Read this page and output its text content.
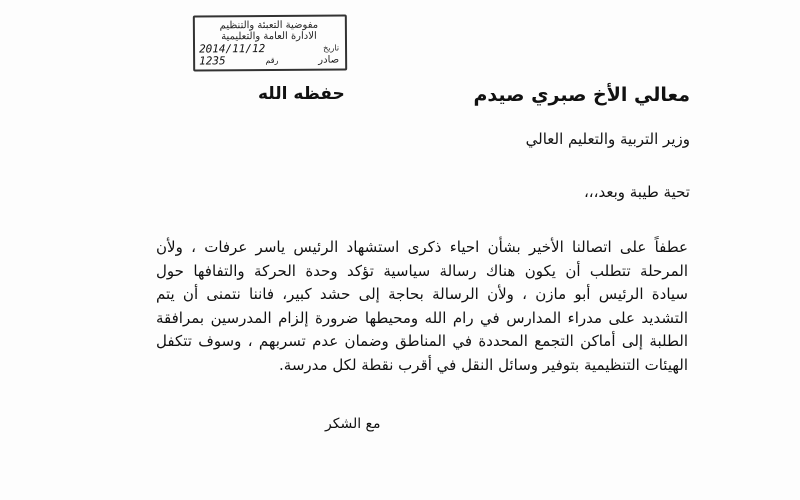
مفوضية التعبئة والتنظيم
الادارة العامة والتعليمية
تاريخ
2014/11/12
صادر
رقم
1235
معالي الأخ صبري صيدم
حفظه الله
وزير التربية والتعليم العالي
تحية طيبة وبعد،،،

عطفاً على اتصالنا الأخير بشأن احياء ذكرى استشهاد الرئيس ياسر عرفات ، ولأن
المرحلة تتطلب أن يكون هناك رسالة سياسية تؤكد وحدة الحركة والتفافها حول
سيادة الرئيس أبو مازن ، ولأن الرسالة بحاجة إلى حشد كبير، فاننا نتمنى أن يتم
التشديد على مدراء المدارس في رام الله ومحيطها ضرورة إلزام المدرسين بمرافقة
الطلبة إلى أماكن التجمع المحددة في المناطق وضمان عدم تسربهم ، وسوف تتكفل
الهيئات التنظيمية بتوفير وسائل النقل في أقرب نقطة لكل مدرسة.

مع الشكر
